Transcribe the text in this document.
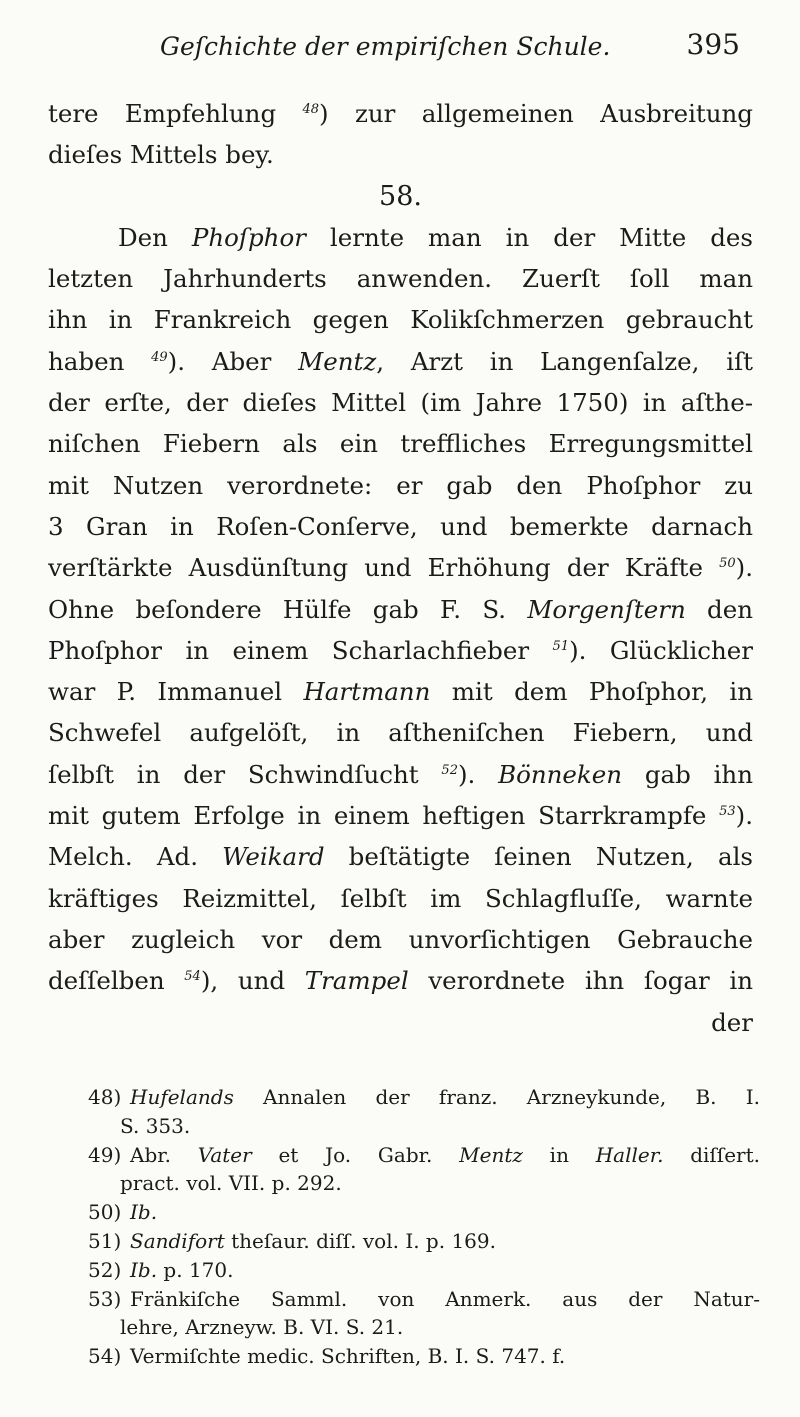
Geſchichte der empiriſchen Schule.	395
tere Empfehlung $^{48}$) zur allgemeinen Ausbreitung
dieſes Mittels bey.
58.
Den Phoſphor lernte man in der Mitte des
letzten Jahrhunderts anwenden. Zuerſt ſoll man
ihn in Frankreich gegen Kolikſchmerzen gebraucht
haben $^{49}$). Aber Mentz, Arzt in Langenſalze, iſt
der erſte, der dieſes Mittel (im Jahre 1750) in aſthe-
niſchen Fiebern als ein treffliches Erregungsmittel
mit Nutzen verordnete: er gab den Phoſphor zu
3 Gran in Roſen-Conſerve, und bemerkte darnach
verſtärkte Ausdünſtung und Erhöhung der Kräfte $^{50}$).
Ohne beſondere Hülfe gab F. S. Morgenſtern den
Phoſphor in einem Scharlachfieber $^{51}$). Glücklicher
war P. Immanuel Hartmann mit dem Phoſphor, in
Schwefel aufgelöſt, in aſtheniſchen Fiebern, und
ſelbſt in der Schwindſucht $^{52}$). Bönneken gab ihn
mit gutem Erfolge in einem heftigen Starrkrampfe $^{53}$).
Melch. Ad. Weikard beſtätigte ſeinen Nutzen, als
kräftiges Reizmittel, ſelbſt im Schlagfluſſe, warnte
aber zugleich vor dem unvorſichtigen Gebrauche
deſſelben $^{54}$), und Trampel verordnete ihn ſogar in
der
48) Hufelands Annalen der franz. Arzneykunde, B. I.
S. 353.
49) Abr. Vater et Jo. Gabr. Mentz in Haller. diſſert.
pract. vol. VII. p. 292.
50) Ib.
51) Sandifort theſaur. diſſ. vol. I. p. 169.
52) Ib. p. 170.
53) Fränkiſche Samml. von Anmerk. aus der Natur-
lehre, Arzneyw. B. VI. S. 21.
54) Vermiſchte medic. Schriften, B. I. S. 747. f.
